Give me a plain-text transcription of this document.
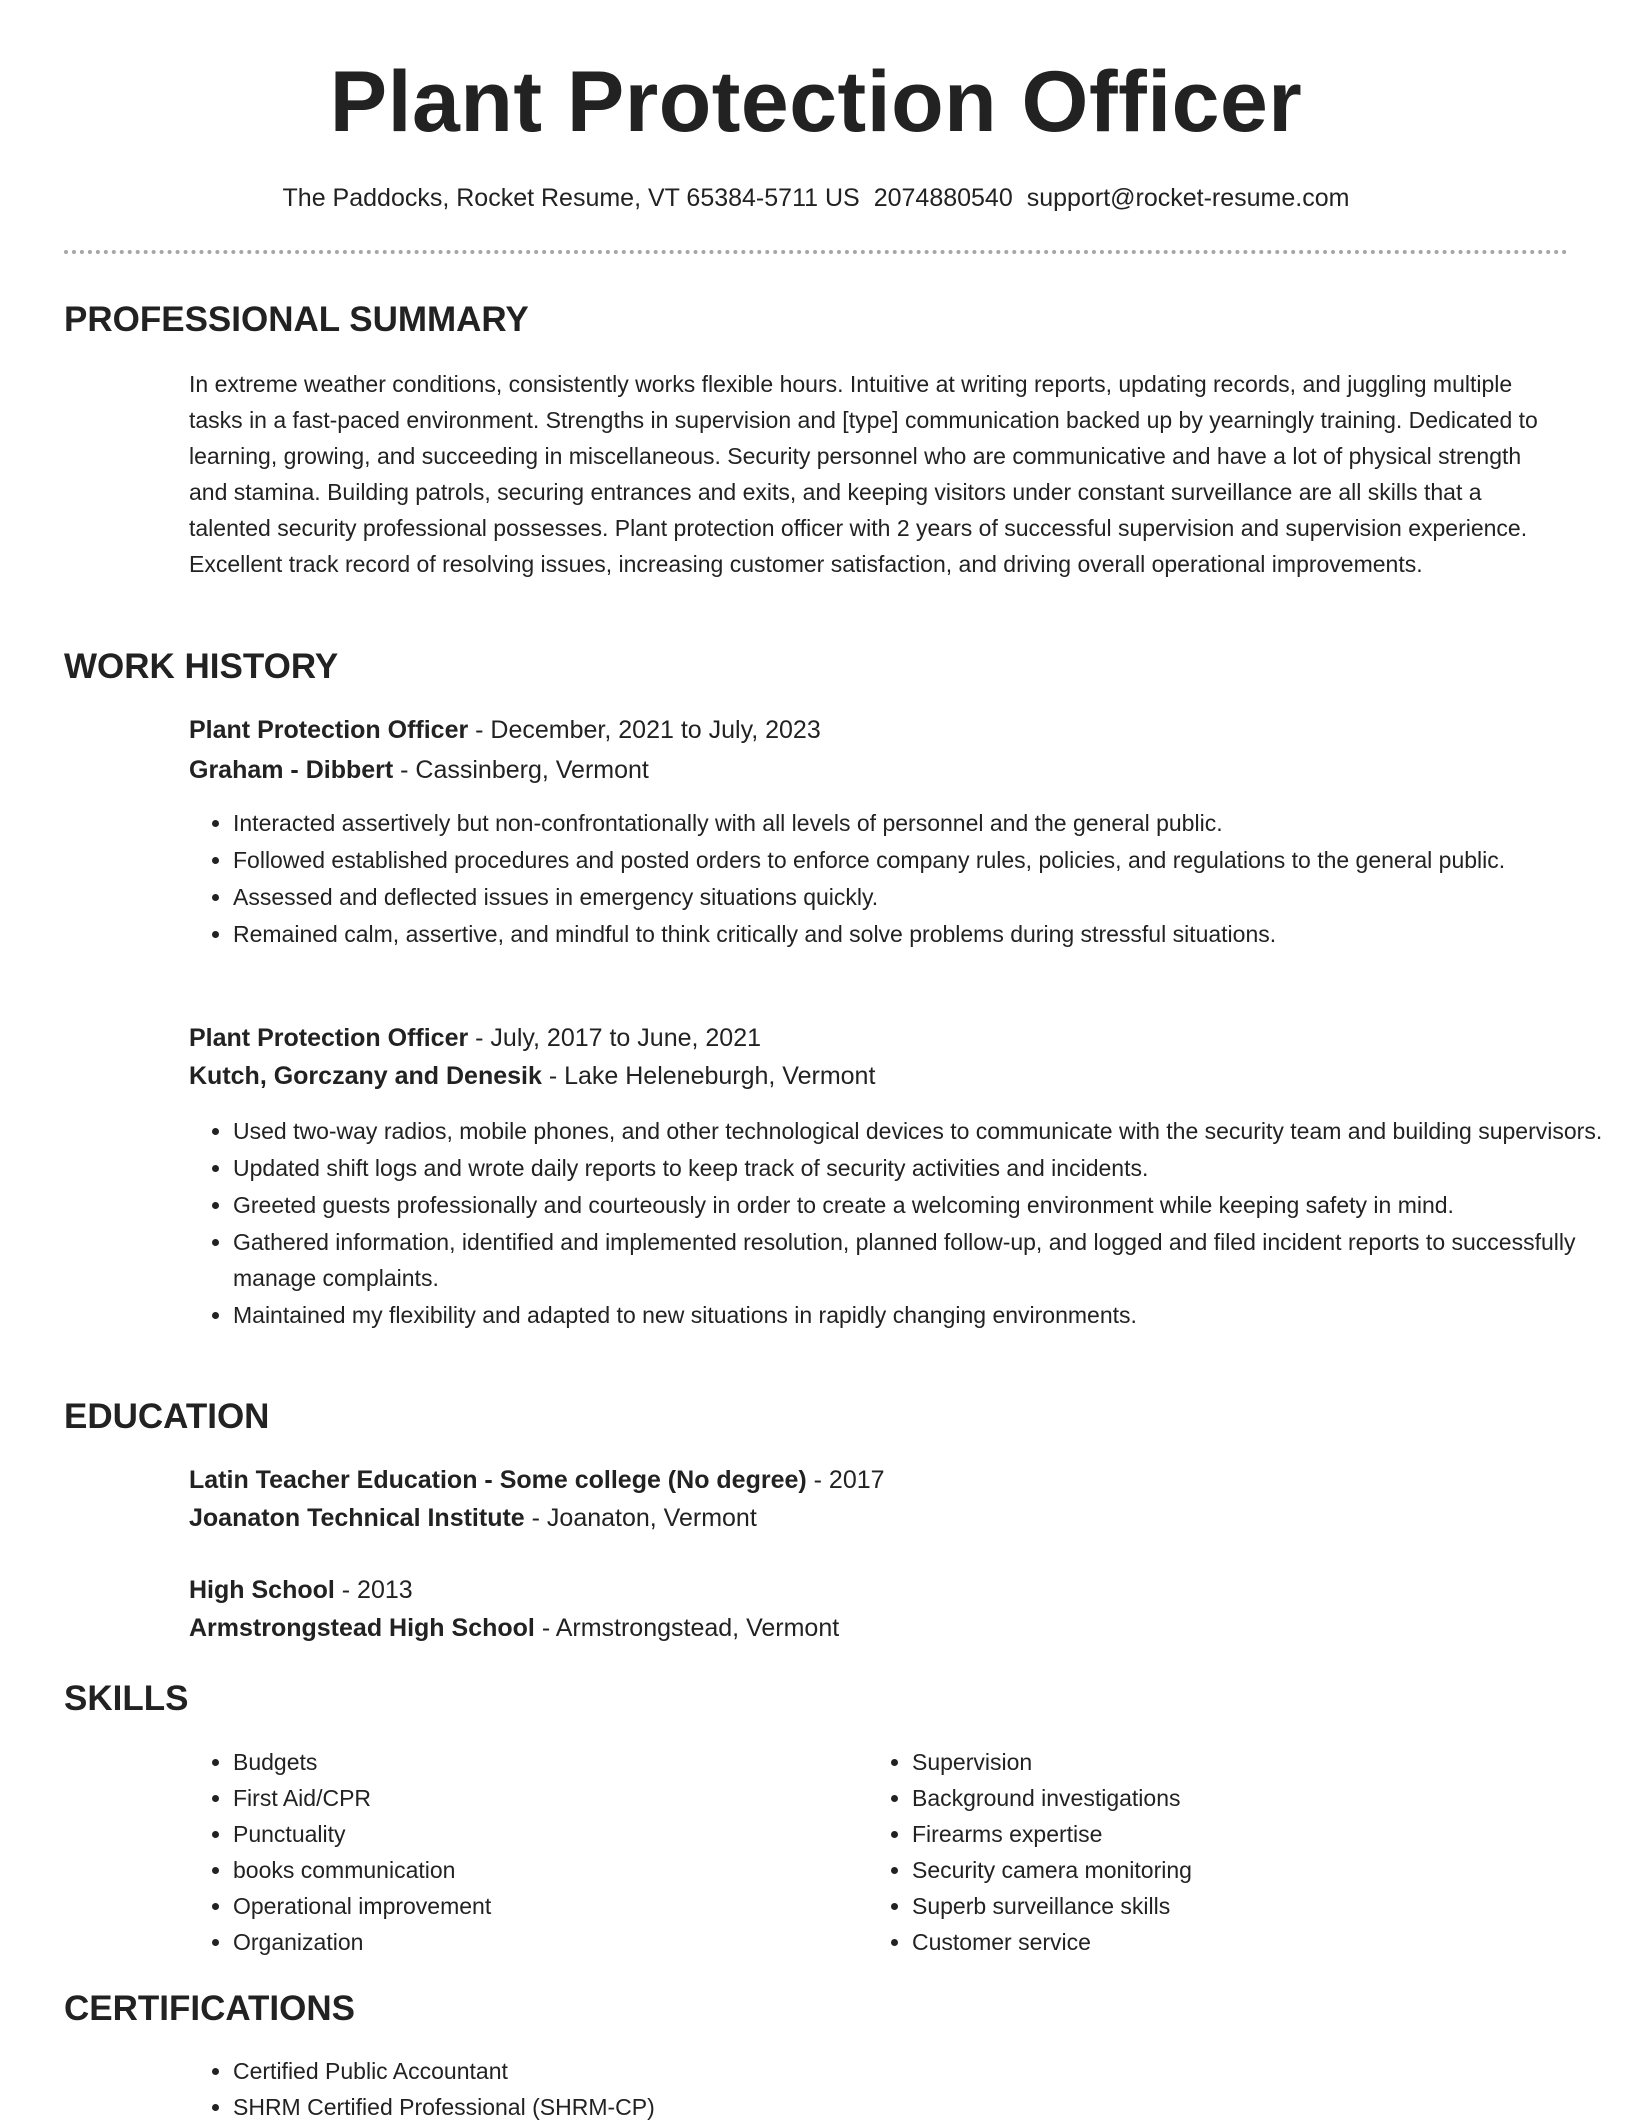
Plant Protection Officer
The Paddocks, Rocket Resume, VT 65384-5711 US 2074880540 support@rocket-resume.com
PROFESSIONAL SUMMARY

In extreme weather conditions, consistently works flexible hours. Intuitive at writing reports, updating records, and juggling multiple tasks in a fast-paced environment. Strengths in supervision and [type] communication backed up by yearningly training. Dedicated to learning, growing, and succeeding in miscellaneous. Security personnel who are communicative and have a lot of physical strength and stamina. Building patrols, securing entrances and exits, and keeping visitors under constant surveillance are all skills that a talented security professional possesses. Plant protection officer with 2 years of successful supervision and supervision experience. Excellent track record of resolving issues, increasing customer satisfaction, and driving overall operational improvements.

WORK HISTORY
Plant Protection Officer - December, 2021 to July, 2023
Graham - Dibbert - Cassinberg, Vermont
• Interacted assertively but non-confrontationally with all levels of personnel and the general public.
• Followed established procedures and posted orders to enforce company rules, policies, and regulations to the general public.
• Assessed and deflected issues in emergency situations quickly.
• Remained calm, assertive, and mindful to think critically and solve problems during stressful situations.
Plant Protection Officer - July, 2017 to June, 2021
Kutch, Gorczany and Denesik - Lake Heleneburgh, Vermont
• Used two-way radios, mobile phones, and other technological devices to communicate with the security team and building supervisors.
• Updated shift logs and wrote daily reports to keep track of security activities and incidents.
• Greeted guests professionally and courteously in order to create a welcoming environment while keeping safety in mind.
• Gathered information, identified and implemented resolution, planned follow-up, and logged and filed incident reports to successfully manage complaints.
• Maintained my flexibility and adapted to new situations in rapidly changing environments.
EDUCATION
Latin Teacher Education - Some college (No degree) - 2017
Joanaton Technical Institute - Joanaton, Vermont
High School - 2013
Armstrongstead High School - Armstrongstead, Vermont
SKILLS
• Budgets
• First Aid/CPR
• Punctuality
• books communication
• Operational improvement
• Organization
• Supervision
• Background investigations
• Firearms expertise
• Security camera monitoring
• Superb surveillance skills
• Customer service
CERTIFICATIONS
• Certified Public Accountant
• SHRM Certified Professional (SHRM-CP)
